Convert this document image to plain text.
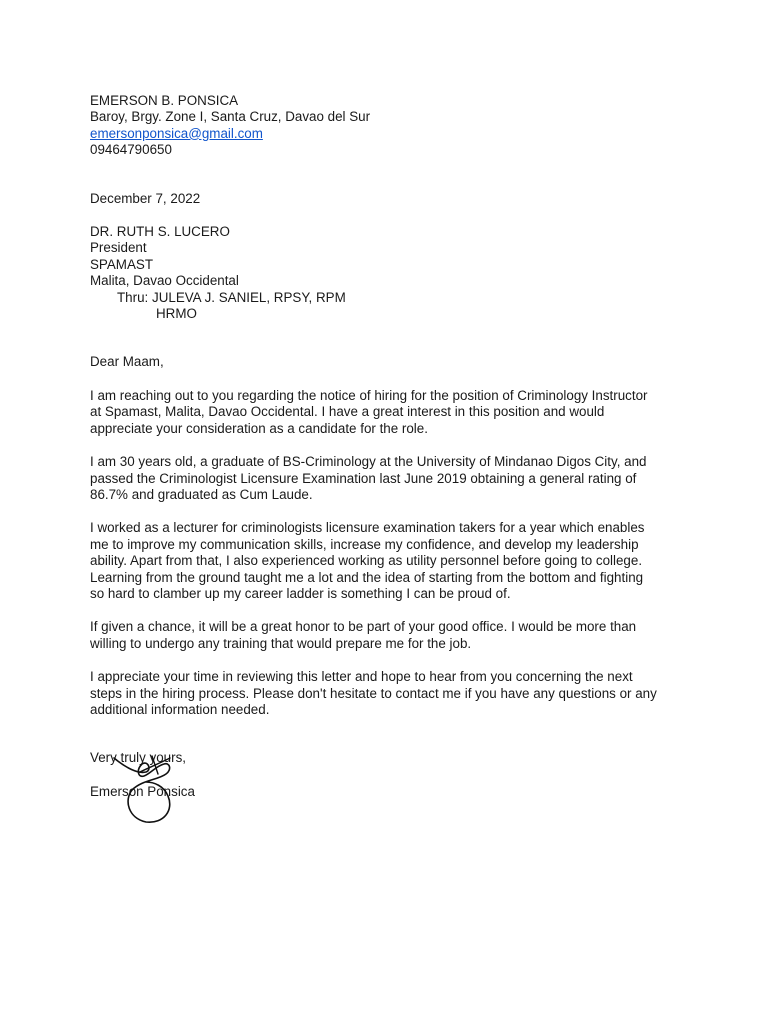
EMERSON B. PONSICA
Baroy, Brgy. Zone I, Santa Cruz, Davao del Sur
emersonponsica@gmail.com
09464790650
December 7, 2022
DR. RUTH S. LUCERO
President
SPAMAST
Malita, Davao Occidental
Thru: JULEVA J. SANIEL, RPSY, RPM
HRMO
Dear Maam,
I am reaching out to you regarding the notice of hiring for the position of Criminology Instructor
at Spamast, Malita, Davao Occidental. I have a great interest in this position and would
appreciate your consideration as a candidate for the role.
I am 30 years old, a graduate of BS-Criminology at the University of Mindanao Digos City, and
passed the Criminologist Licensure Examination last June 2019 obtaining a general rating of
86.7% and graduated as Cum Laude.
I worked as a lecturer for criminologists licensure examination takers for a year which enables
me to improve my communication skills, increase my confidence, and develop my leadership
ability. Apart from that, I also experienced working as utility personnel before going to college.
Learning from the ground taught me a lot and the idea of starting from the bottom and fighting
so hard to clamber up my career ladder is something I can be proud of.
If given a chance, it will be a great honor to be part of your good office. I would be more than
willing to undergo any training that would prepare me for the job.
I appreciate your time in reviewing this letter and hope to hear from you concerning the next
steps in the hiring process. Please don't hesitate to contact me if you have any questions or any
additional information needed.
Very truly yours,
Emerson Ponsica
